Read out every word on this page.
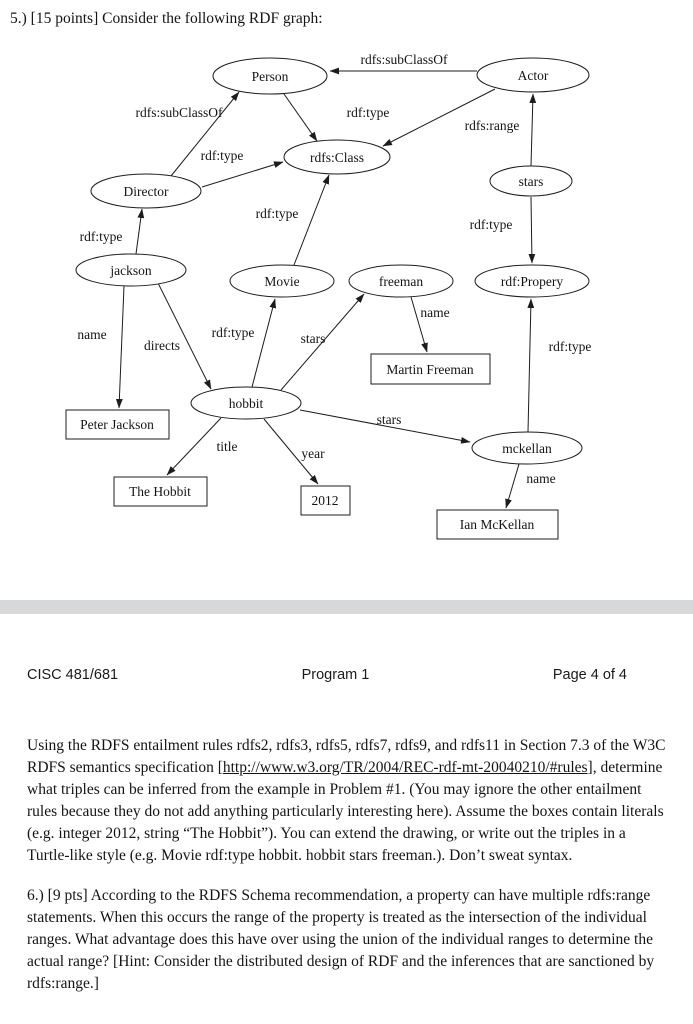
rdfs:subClassOf
rdfs:subClassOf	rdf:type
rdf:type
rdf:type
rdf:type
rdfs:range
rdf:type
rdf:type
name
directs
rdf:type	stars
name
title	year
stars
name
Person	Actor
rdfs:Class
Director
stars
jackson
Movie	freeman	rdf:Propery
hobbit
mckellan
Martin Freeman
Peter Jackson
The Hobbit
2012
Ian McKellan
5.) [15 points] Consider the following RDF graph:
CISC 481/681	Program 1	Page 4 of 4

Using the RDFS entailment rules rdfs2, rdfs3, rdfs5, rdfs7, rdfs9, and rdfs11 in Section 7.3 of the W3C RDFS semantics specification [http://www.w3.org/TR/2004/REC-rdf-mt-20040210/#rules], determine what triples can be inferred from the example in Problem #1. (You may ignore the other entailment rules because they do not add anything particularly interesting here). Assume the boxes contain literals (e.g. integer 2012, string “The Hobbit”). You can extend the drawing, or write out the triples in a Turtle-like style (e.g. Movie rdf:type hobbit. hobbit stars freeman.). Don’t sweat syntax.

6.) [9 pts] According to the RDFS Schema recommendation, a property can have multiple rdfs:range statements. When this occurs the range of the property is treated as the intersection of the individual ranges. What advantage does this have over using the union of the individual ranges to determine the actual range? [Hint: Consider the distributed design of RDF and the inferences that are sanctioned by rdfs:range.]
